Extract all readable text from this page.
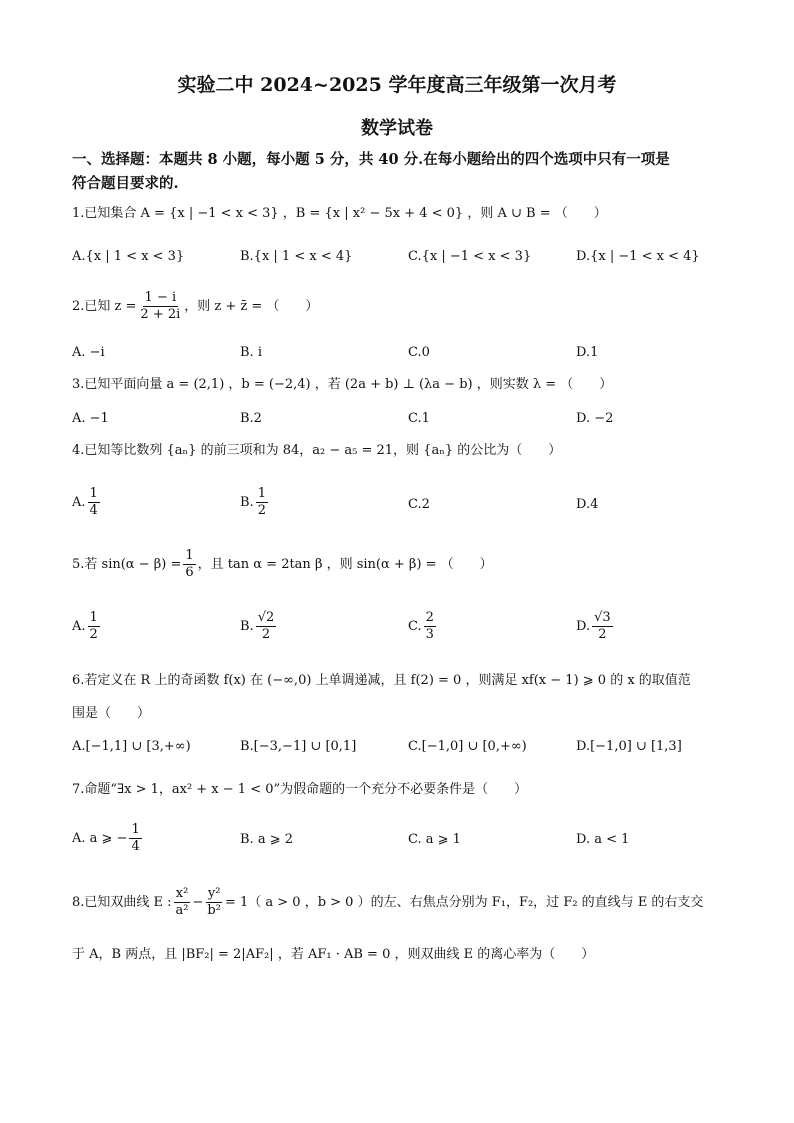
实验二中 2024~2025 学年度高三年级第一次月考
数学试卷
一、选择题：本题共 8 小题，每小题 5 分，共 40 分.在每小题给出的四个选项中只有一项是
符合题目要求的.
1.已知集合 A = {x | −1 < x < 3} ，B = {x | x² − 5x + 4 < 0} ，则 A ∪ B = （　　）
A.{x | 1 < x < 3}	B.{x | 1 < x < 4}	C.{x | −1 < x < 3}	D.{x | −1 < x < 4}
2.已知 $z = \frac{1 - i}{2 + 2i}$ ，则 z + z̄ = （　　）
A. −i	B. i	C.0	D.1
3.已知平面向量 a = (2,1) ，b = (−2,4) ，若 (2a + b) ⊥ (λa − b) ，则实数 λ = （　　）
A. −1	B.2	C.1	D. −2
4.已知等比数列 {aₙ} 的前三项和为 84，a₂ − a₅ = 21，则 {aₙ} 的公比为（　　）
A. $\frac{1}{4}$	B. $\frac{1}{2}$	C.2	D.4
5.若 $\sin(\alpha - \beta) = \frac{1}{6}$ ，且 tan α = 2tan β ，则 sin(α + β) = （　　）
A. $\frac{1}{2}$	B. $\frac{√2}{2}$	C. $\frac{2}{3}$	D. $\frac{√3}{2}$
6.若定义在 R 上的奇函数 f(x) 在 (−∞,0) 上单调递减，且 f(2) = 0 ，则满足 xf(x − 1) ⩾ 0 的 x 的取值范
围是（　　）
A.[−1,1] ∪ [3,+∞)	B.[−3,−1] ∪ [0,1]	C.[−1,0] ∪ [0,+∞)	D.[−1,0] ∪ [1,3]
7.命题“∃x > 1，ax² + x − 1 < 0”为假命题的一个充分不必要条件是（　　）
A. a ⩾ − $\frac{1}{4}$	B. a ⩾ 2	C. a ⩾ 1	D. a < 1
8.已知双曲线 E : $\frac{\text{x²}}{\text{a²}} - \frac{\text{y²}}{\text{b²}} = 1$（ a > 0 ，b > 0 ）的左、右焦点分别为 F₁，F₂，过 F₂ 的直线与 E 的右支交
于 A，B 两点，且 |BF₂| = 2|AF₂| ，若 AF₁ · AB = 0 ，则双曲线 E 的离心率为（　　）
